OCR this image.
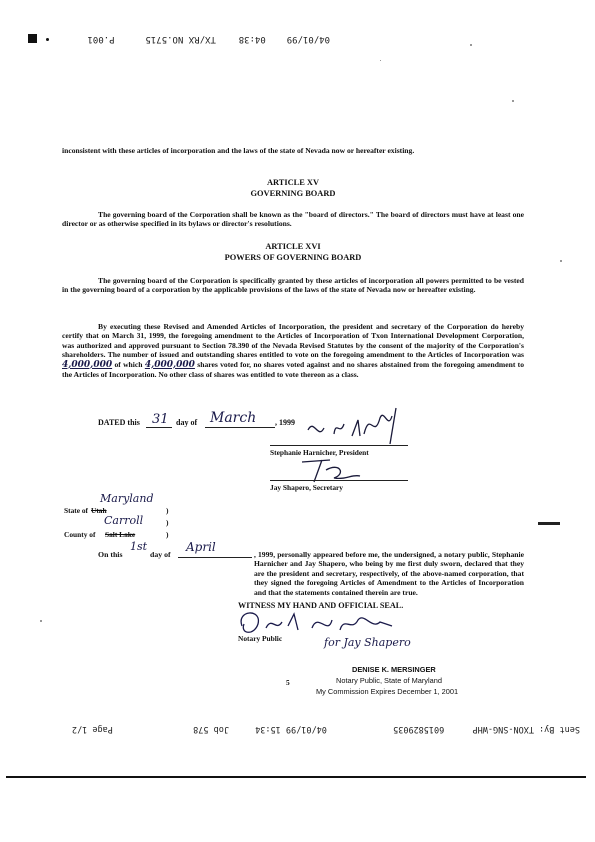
04/01/99  04:38  TX/RX NO.5715  P.001
inconsistent with these articles of incorporation and the laws of the state of Nevada now or hereafter existing.
ARTICLE XV
GOVERNING BOARD
The governing board of the Corporation shall be known as the "board of directors." The board of directors must have at least one director or as otherwise specified in its bylaws or director's resolutions.
ARTICLE XVI
POWERS OF GOVERNING BOARD
The governing board of the Corporation is specifically granted by these articles of incorporation all powers permitted to be vested in the governing board of a corporation by the applicable provisions of the laws of the state of Nevada now or hereafter existing.
By executing these Revised and Amended Articles of Incorporation, the president and secretary of the Corporation do hereby certify that on March 31, 1999, the foregoing amendment to the Articles of Incorporation of Txon International Development Corporation, was authorized and approved pursuant to Section 78.390 of the Nevada Revised Statutes by the consent of the majority of the Corporation's shareholders. The number of issued and outstanding shares entitled to vote on the foregoing amendment to the Articles of Incorporation was 4,000,000 of which 4,000,000 shares voted for, no shares voted against and no shares abstained from the foregoing amendment to the Articles of Incorporation. No other class of shares was entitled to vote thereon as a class.
DATED this 31 day of March , 1999
Stephanie Harnicher, President
Jay Shapero, Secretary
Maryland
State of Utah	)
Carroll	)
County of Salt Lake	)
On this
1st
day of
April
, 1999, personally appeared before me, the undersigned, a notary public, Stephanie Harnicher and Jay Shapero, who being by me first duly sworn, declared that they are the president and secretary, respectively, of the above-named corporation, that they signed the foregoing Articles of Amendment to the Articles of Incorporation and that the statements contained therein are true.
WITNESS MY HAND AND OFFICIAL SEAL.
Notary Public	for Jay Shapero
DENISE K. MERSINGER
Notary Public, State of Maryland
My Commission Expires December 1, 2001
5
Sent By: TXON-SNG-WHP  6015829035  04/01/99 15:34  Job 578  Page 1/2
